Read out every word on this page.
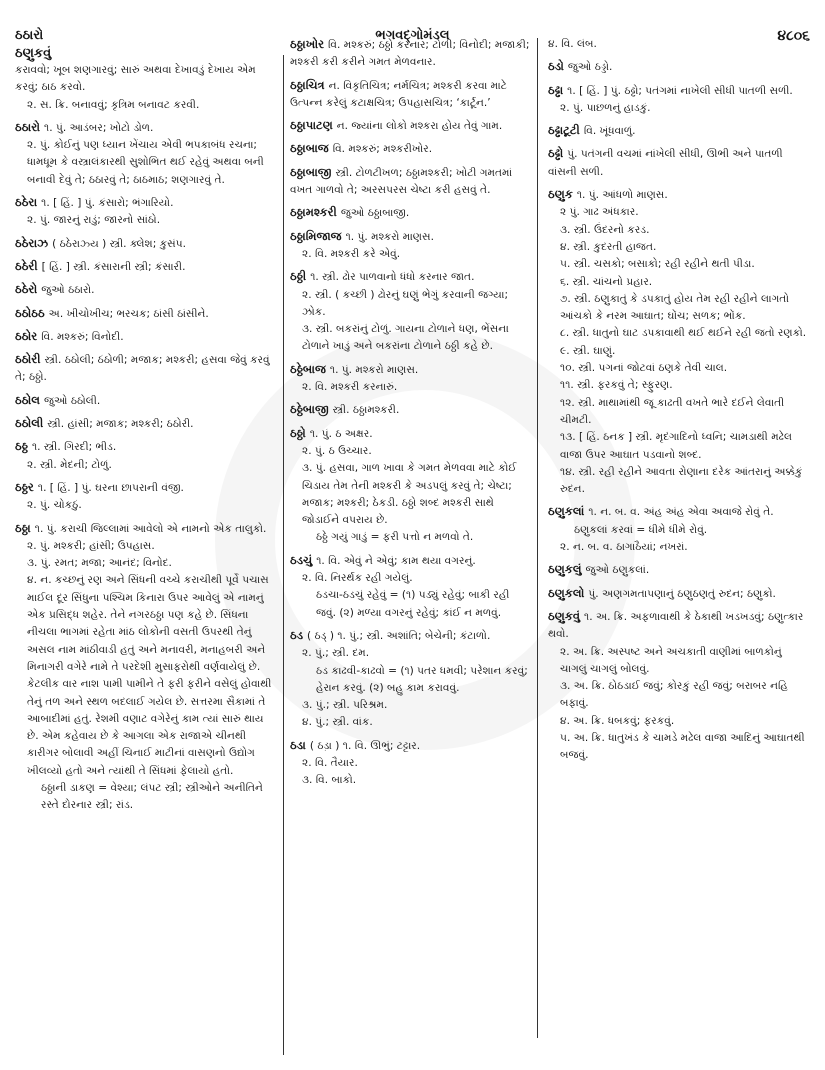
ઠઠારો
ઠણુકવું
ભગવદ્ગોમંડલ	૪૮૦૬
કરાવવો; ખૂબ શણગારવું; સારું અથવા દેખાવડું દેખાય એમ કરવું; ઠાઠ કરવો.
૨. સ. ક્રિ. બનાવવું; કૃત્રિમ બનાવટ કરવી.
ઠઠારો ૧. પું. આડંબર; ખોટો ડોળ.
૨. પું. કોઈનું પણ ધ્યાન ખેંચાય એવી ભપકાબંધ રચના; ધામધૂમ કે વસ્ત્રાલંકારથી સુશોભિત થઈ રહેવું અથવા બની બનાવી દેવું તે; ઠઠારવું તે; ઠાઠમાઠ; શણગારવું તે.
ઠઠેરા ૧. [ હિં. ] પું. કંસારો; ભંગારિયો.
૨. પું. જારનું રાડું; જારનો સાંઠો.
ઠઠેરાઝ ( ઠઠેરાઝ્ય ) સ્ત્રી. ક્લેશ; કુસંપ.
ઠઠેરી [ હિં. ] સ્ત્રી. કંસારાની સ્ત્રી; કંસારી.
ઠઠેરો જુઓ ઠઠારો.
ઠઠોઠઠ અ. ખીચોખીચ; ભરચક; ઠાંસી ઠાંસીને.
ઠઠોર વિ. મશ્કરું; વિનોદી.
ઠઠોરી સ્ત્રી. ઠઠોલી; ઠંઠોળી; મજાક; મશ્કરી; હસવા જેવું કરવું તે; ઠઠ્ઠો.
ઠઠોલ જુઓ ઠઠોલી.
ઠઠોલી સ્ત્રી. હાંસી; મજાક; મશ્કરી; ઠઠોરી.
ઠઠ્ઠ ૧. સ્ત્રી. ગિરદી; ભીડ.
૨. સ્ત્રી. મેદની; ટોળું.
ઠઠ્ઠર ૧. [ હિં. ] પું. ઘરના છાપરાની વંજી.
૨. પું. ચોકઠું.
ઠઠ્ઠા ૧. પું. કરાચી જિલ્લામાં આવેલો એ નામનો એક તાલુકો.
૨. પું. મશ્કરી; હાંસી; ઉપહાસ.
૩. પું. રમત; મજા; આનંદ; વિનોદ.
૪. ન. કચ્છનું રણ અને સિંધની વચ્ચે કરાચીથી પૂર્વે પચાસ માઈલ દૂર સિંધુના પશ્ચિમ કિનારા ઉપર આવેલું એ નામનું એક પ્રસિદ્ધ શહેર. તેને નગરઠઠ્ઠા પણ કહે છે. સિંધના નીચલા ભાગમાં રહેતા માંઠ લોકોની વસતી ઉપરથી તેનું અસલ નામ માંઠીવાડી હતું અને મનાવરી, મનાહબરી અને મિનાગરી વગેરે નામે તે પરદેશી મુસાફરોથી વર્ણવાયેલું છે. કેટલીક વાર નાશ પામી પામીને તે ફરી ફરીને વસેલું હોવાથી તેનું તળ અને સ્થળ બદલાઈ ગયેલ છે. સત્તરમા સૈકામાં તે આબાદીમાં હતું. રેશમી વણાટ વગેરેનું કામ ત્યાં સારું થાય છે. એમ કહેવાય છે કે આગલા એક રાજાએ ચીનથી કારીગર બોલાવી અહીં ચિનાઈ માટીનાં વાસણનો ઉદ્યોગ ખીલવ્યો હતો અને ત્યાંથી તે સિંધમાં ફેલાયો હતો.
ઠઠ્ઠાની ડાકણ = વેશ્યા; લંપટ સ્ત્રી; સ્ત્રીઓને અનીતિને રસ્તે દોરનાર સ્ત્રી; રાંડ.
ઠઠ્ઠાખોર વિ. મશ્કરું; ઠઠ્ઠો કરનાર; ટોળી; વિનોદી; મજાકી; મશ્કરી કરી કરીને ગમત મેળવનાર.
ઠઠ્ઠાચિત્ર ન. વિકૃતિચિત્ર; નર્મચિત્ર; મશ્કરી કરવા માટે ઉત્પન્ન કરેલું કટાક્ષચિત્ર; ઉપહાસચિત્ર; ‘કાર્ટૂન.’
ઠઠ્ઠાપાટણ ન. જ્યાંના લોકો મશ્કરા હોય તેવું ગામ.
ઠઠ્ઠાબાજ વિ. મશ્કરું; મશ્કરીખોર.
ઠઠ્ઠાબાજી સ્ત્રી. ટોળટીખળ; ઠઠ્ઠામશ્કરી; ખોટી ગમતમાં વખત ગાળવો તે; અરસપરસ ચેષ્ટા કરી હસવું તે.
ઠઠ્ઠામશ્કરી જુઓ ઠઠ્ઠાબાજી.
ઠઠ્ઠામિજાજ ૧. પું. મશ્કરો માણસ.
૨. વિ. મશ્કરી કરે એવું.
ઠઠ્ઠી ૧. સ્ત્રી. ઢોર પાળવાનો ધંધો કરનાર જાત.
૨. સ્ત્રી. ( કચ્છી ) ઢોરનું ઘણું ભેગું કરવાની જગ્યા; ઝોક.
૩. સ્ત્રી. બકરાંનું ટોળું. ગાયના ટોળાને ધણ, ભેંસના ટોળાને ખાડું અને બકરાંના ટોળાને ઠઠ્ઠી કહે છે.
ઠઠ્ઠેબાજ ૧. પું. મશ્કરો માણસ.
૨. વિ. મશ્કરી કરનારું.
ઠઠ્ઠેબાજી સ્ત્રી. ઠઠ્ઠામશ્કરી.
ઠઠ્ઠો ૧. પું. ઠ અક્ષર.
૨. પું. ઠ ઉચ્ચાર.
૩. પું. હસવા, ગાળ ખાવા કે ગમત મેળવવા માટે કોઈ ચિડાય તેમ તેની મશ્કરી કે અડપલું કરવું તે; ચેષ્ટા; મજાક; મશ્કરી; ઠેકડી. ઠઠ્ઠો શબ્દ મશ્કરી સાથે જોડાઈને વપરાય છે.
ઠઠ્ઠે ગયું ગાડું = ફરી પત્તો ન મળવો તે.
ઠડચું ૧. વિ. એવું ને એવું; કામ થયા વગરનું.
૨. વિ. નિરર્થક રહી ગયેલું.
ઠડચા-ઠડચું રહેવું = (૧) પડ્યું રહેવું; બાકી રહી જવું. (૨) મળ્યા વગરનું રહેવું; કાંઈ ન મળવું.
ઠડ ( ઠડ્ ) ૧. પું.; સ્ત્રી. અશાંતિ; બેચેની; કંટાળો.
૨. પું.; સ્ત્રી. દમ.
ઠડ કાઢવી-કાઢવો = (૧) પતર ધમવી; પરેશાન કરવું; હેરાન કરવું. (૨) બહુ કામ કરાવવું.
૩. પું.; સ્ત્રી. પરિશ્રમ.
૪. પું.; સ્ત્રી. વાંક.
ઠડા ( ઠડ઼ા ) ૧. વિ. ઊભું; ટટ્ટાર.
૨. વિ. તૈયાર.
૩. વિ. બાકો.
૪. વિ. લંબ.
ઠડો જુઓ ઠડ્ડો.
ઠઢ્ઢા ૧. [ હિં. ] પું. ઠઢ્ઢો; પતંગમાં નાખેલી સીધી પાતળી સળી.
૨. પું. પાછળનું હાડકું.
ઠઢ્ઢાટૂટી વિ. ખૂંધવાળું.
ઠઢ્ઢો પું. પતંગની વચમાં નાંખેલી સીધી, ઊભી અને પાતળી વાંસની સળી.
ઠણુક ૧. પું. આંધળો માણસ.
૨ પું. ગાઢ અંધકાર.
૩. સ્ત્રી. ઉંદરનો કરડ.
૪. સ્ત્રી. કુદરતી હાજત.
૫. સ્ત્રી. ચસકો; બસાકો; રહી રહીને થતી પીડા.
૬. સ્ત્રી. ચાંચનો પ્રહાર.
૭. સ્ત્રી. ઠણુકાતું કે ડપકાતું હોય તેમ રહી રહીને લાગતો આંચકો કે નરમ આઘાત; ઘોંચ; સળક; ભોંક.
૮. સ્ત્રી. ધાતુનો ઘાટ ડપકાવાથી થઈ થઈને રહી જતો રણકો.
૯. સ્ત્રી. ઘાણું.
૧૦. સ્ત્રી. પગનાં જોટવાં ઠણકે તેવી ચાલ.
૧૧. સ્ત્રી. ફરકવું તે; સ્ફુરણ.
૧૨. સ્ત્રી. માથામાંથી જૂ કાઢતી વખતે ભારે દઈને લેવાતી ચીમટી.
૧૩. [ હિં. ઠનક ] સ્ત્રી. મૃદંગાદિનો ધ્વનિ; ચામડાથી મઢેલ વાજા ઉપર આઘાત પડવાનો શબ્દ.
૧૪. સ્ત્રી. રહી રહીને આવતા રોણાના દરેક આંતરાનું અક્કેકું રુદન.
ઠણુકલાં ૧. ન. બ. વ. અંહ અંહ એવા અવાજે રોવું તે.
ઠણુકલાં કરવાં = ધીમે ધીમે રોવું.
૨. ન. બ. વ. ઠાગાઠૈયાં; નખરાં.
ઠણુકલું જુઓ ઠણુકલાં.
ઠણુકલો પું. અણગમતાપણાનું ઠણુઠણતું રુદન; ઠણુકો.
ઠણુકવું ૧. અ. ક્રિ. અફળાવાથી કે ઠેકાથી ખડખડવું; ઠણુત્કાર થવો.
૨. અ. ક્રિ. અસ્પષ્ટ અને અચકાતી વાણીમાં બાળકોનું ચાગલું ચાગલું બોલવું.
૩. અ. ક્રિ. ઠોઠડાઈ જવું; કોરકું રહી જવું; બરાબર નહિ બફાવું.
૪. અ. ક્રિ. ધબકવું; ફરકવું.
૫. અ. ક્રિ. ધાતુખંડ કે ચામડે મઢેલ વાજા આદિનું આઘાતથી બજવું.
